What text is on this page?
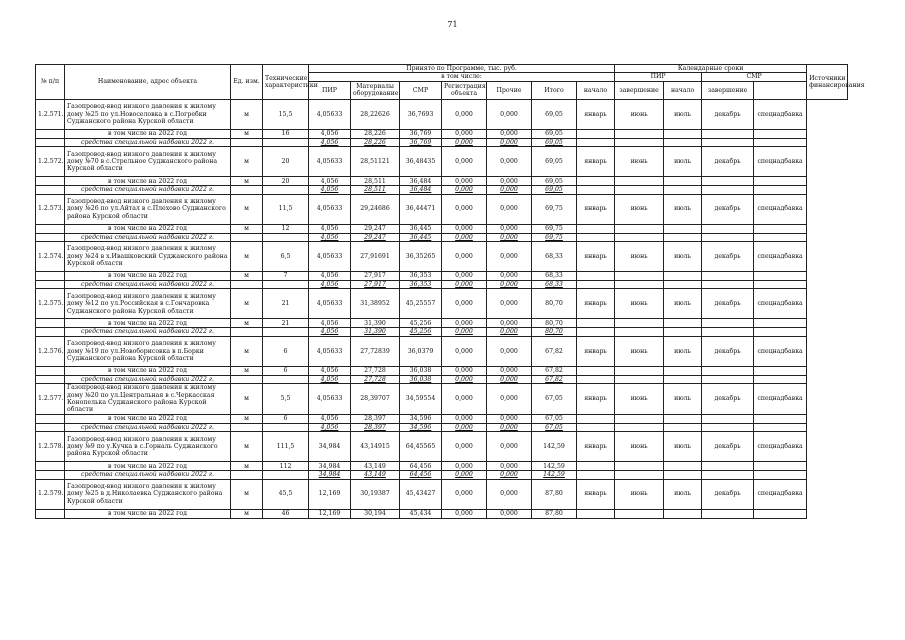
71
№ п/п	Наименование, адрес объекта	Ед. изм.	Технические характеристики	Принято по Программе, тыс. руб.							Календарные сроки				Источники финансирования
				в том числе:							ПИР		СМР		
				ПИР	Материалы оборудование	СМР	Регистрация объекта	Прочие	Итого	начало	завершение	начало	завершение		
1.2.571.	Газопровод-ввод низкого давления к жилому дому №25 по ул.Новоселовка в с.Погребки Суджанского района Курской области	м	15,5	4,05633	28,22626	36,7693	0,000	0,000	69,05	январь	июнь	июль	декабрь	спецнадбавка	
	в том числе на 2022 год	м	16	4,056	28,226	36,769	0,000	0,000	69,05						
	средства специальной надбавки 2022 г.			4,056	28,226	36,769	0,000	0,000	69,05						
1.2.572.	Газопровод-ввод низкого давления к жилому дому №70 в с.Стрельное Суджанского района Курской области	м	20	4,05633	28,51121	36,48435	0,000	0,000	69,05	январь	июнь	июль	декабрь	спецнадбавка	
	в том числе на 2022 год	м	20	4,056	28,511	36,484	0,000	0,000	69,05						
	средства специальной надбавки 2022 г.			4,056	28,511	36,484	0,000	0,000	69,05						
1.2.573.	Газопровод-ввод низкого давления к жилому дому №26 по ул.Айтал в с.Плехово Суджанского района Курской области	м	11,5	4,05633	29,24686	36,44471	0,000	0,000	69,75	январь	июнь	июль	декабрь	спецнадбавка	
	в том числе на 2022 год	м	12	4,056	29,247	36,445	0,000	0,000	69,75						
	средства специальной надбавки 2022 г.			4,056	29,247	36,445	0,000	0,000	69,75						
1.2.574.	Газопровод-ввод низкого давления к жилому дому №24 в х.Ивашковский Суджанского района Курской области	м	6,5	4,05633	27,91691	36,35265	0,000	0,000	68,33	январь	июнь	июль	декабрь	спецнадбавка	
	в том числе на 2022 год	м	7	4,056	27,917	36,353	0,000	0,000	68,33						
	средства специальной надбавки 2022 г.			4,056	27,917	36,353	0,000	0,000	68,33						
1.2.575.	Газопровод-ввод низкого давления к жилому дому №12 по ул.Российская в с.Гончаровка Суджанского района Курской области	м	21	4,05633	31,38952	45,25557	0,000	0,000	80,70	январь	июнь	июль	декабрь	спецнадбавка	
	в том числе на 2022 год	м	21	4,056	31,390	45,256	0,000	0,000	80,70						
	средства специальной надбавки 2022 г.			4,056	31,390	45,256	0,000	0,000	80,70						
1.2.576.	Газопровод-ввод низкого давления к жилому дому №19 по ул.Новоборисовка в п.Борки Суджанского района Курской области	м	6	4,05633	27,72839	36,0379	0,000	0,000	67,82	январь	июнь	июль	декабрь	спецнадбавка	
	в том числе на 2022 год	м	6	4,056	27,728	36,038	0,000	0,000	67,82						
	средства специальной надбавки 2022 г.			4,056	27,728	36,038	0,000	0,000	67,82						
1.2.577.	Газопровод-ввод низкого давления к жилому дому №20 по ул.Центральная в с.Черкасская Конопелька Суджанского района Курской области	м	5,5	4,05633	28,39707	34,59554	0,000	0,000	67,05	январь	июнь	июль	декабрь	спецнадбавка	
	в том числе на 2022 год	м	6	4,056	28,397	34,596	0,000	0,000	67,05						
	средства специальной надбавки 2022 г.			4,056	28,397	34,596	0,000	0,000	67,05						
1.2.578.	Газопровод-ввод низкого давления к жилому дому №9 по у.Кучка в с.Горналь Суджанского района Курской области	м	111,5	34,984	43,14915	64,45565	0,000	0,000	142,59	январь	июнь	июль	декабрь	спецнадбавка	
	в том числе на 2022 год	м	112	34,984	43,149	64,456	0,000	0,000	142,59						
	средства специальной надбавки 2022 г.			34,984	43,149	64,456	0,000	0,000	142,59						
1.2.579.	Газопровод-ввод низкого давления к жилому дому №25 в д.Николаевка Суджанского района Курской области	м	45,5	12,169	30,19387	45,43427	0,000	0,000	87,80	январь	июнь	июль	декабрь	спецнадбавка	
	в том числе на 2022 год	м	46	12,169	30,194	45,434	0,000	0,000	87,80						
